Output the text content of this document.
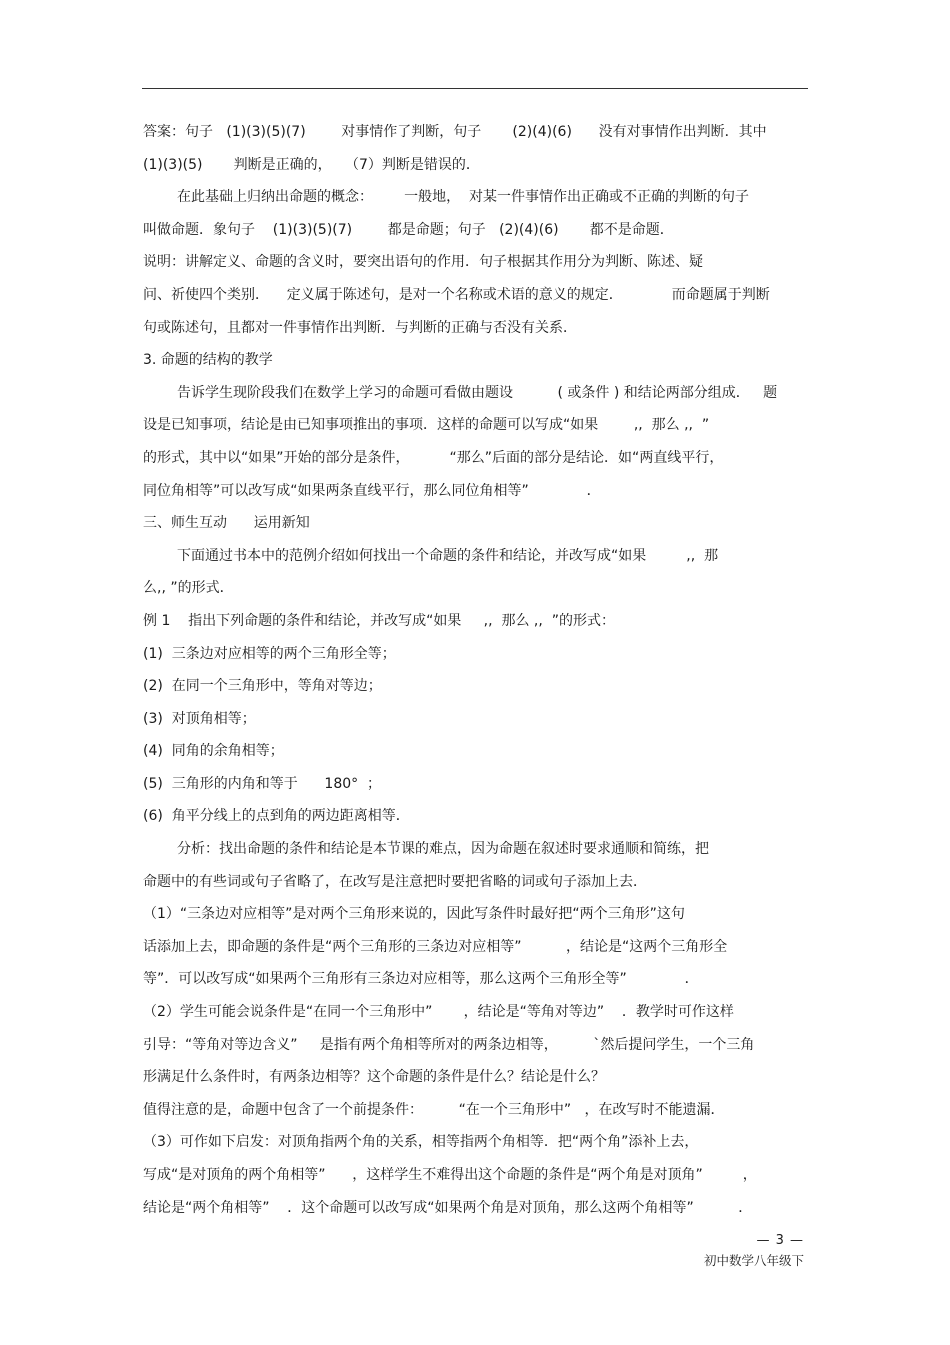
答案：句子   (1)(3)(5)(7)        对事情作了判断，句子       (2)(4)(6)      没有对事情作出判断．其中
(1)(3)(5)       判断是正确的，   （7）判断是错误的．
在此基础上归纳出命题的概念：       一般地，  对某一件事情作出正确或不正确的判断的句子
叫做命题．象句子    (1)(3)(5)(7)        都是命题；句子   (2)(4)(6)       都不是命题．
说明：讲解定义、命题的含义时，要突出语句的作用．句子根据其作用分为判断、陈述、疑
问、祈使四个类别．    定义属于陈述句，是对一个名称或术语的意义的规定．           而命题属于判断
句或陈述句，且都对一件事情作出判断．与判断的正确与否没有关系．
3. 命题的结构的教学
告诉学生现阶段我们在数学上学习的命题可看做由题设          ( 或条件 ) 和结论两部分组成．   题
设是已知事项，结论是由已知事项推出的事项．这样的命题可以写成“如果        ,,  那么 ,,  ”
的形式，其中以“如果”开始的部分是条件，         “那么”后面的部分是结论．如“两直线平行，
同位角相等”可以改写成“如果两条直线平行，那么同位角相等”             ．
三、师生互动      运用新知
下面通过书本中的范例介绍如何找出一个命题的条件和结论，并改写成“如果         ,,  那
么,, ”的形式．
例 1    指出下列命题的条件和结论，并改写成“如果     ,,  那么 ,,  ”的形式：
(1)  三条边对应相等的两个三角形全等；
(2)  在同一个三角形中，等角对等边；
(3)  对顶角相等；
(4)  同角的余角相等；
(5)  三角形的内角和等于      180°  ；
(6)  角平分线上的点到角的两边距离相等．
分析：找出命题的条件和结论是本节课的难点，因为命题在叙述时要求通顺和简练，把
命题中的有些词或句子省略了，在改写是注意把时要把省略的词或句子添加上去．
（1）“三条边对应相等”是对两个三角形来说的，因此写条件时最好把“两个三角形”这句
话添加上去，即命题的条件是“两个三角形的三条边对应相等”          ，结论是“这两个三角形全
等”．可以改写成“如果两个三角形有三条边对应相等，那么这两个三角形全等”             ．
（2）学生可能会说条件是“在同一个三角形中”       ，结论是“等角对等边”    ．教学时可作这样
引导：“等角对等边含义”     是指有两个角相等所对的两条边相等，        `然后提问学生，一个三角
形满足什么条件时，有两条边相等？这个命题的条件是什么？结论是什么？
值得注意的是，命题中包含了一个前提条件：        “在一个三角形中”   ，在改写时不能遗漏．
（3）可作如下启发：对顶角指两个角的关系，相等指两个角相等．把“两个角”添补上去，
写成“是对顶角的两个角相等”      ，这样学生不难得出这个命题的条件是“两个角是对顶角”         ，
结论是“两个角相等”    ．这个命题可以改写成“如果两个角是对顶角，那么这两个角相等”          ．
— 3 —
初中数学八年级下
